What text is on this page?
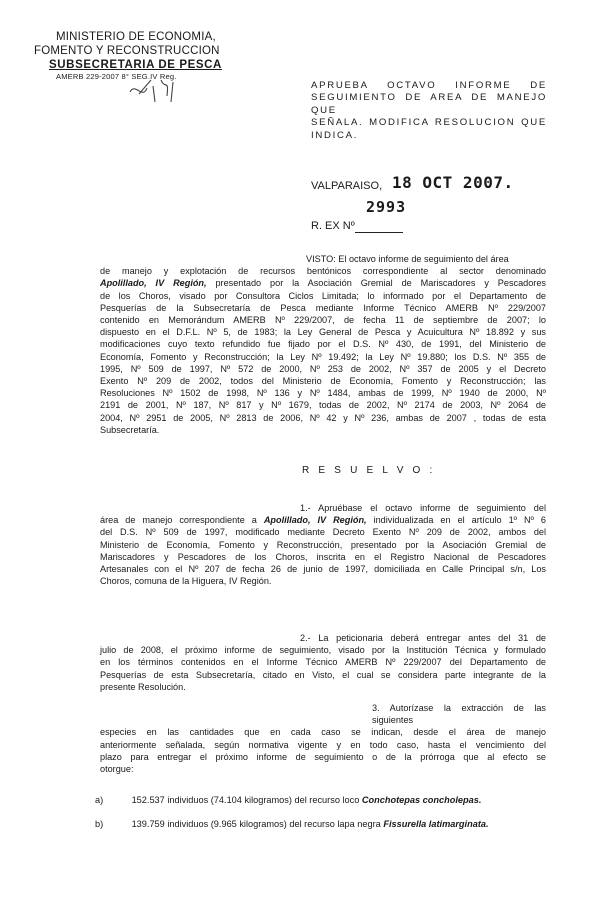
MINISTERIO DE ECONOMIA,
FOMENTO Y RECONSTRUCCION
SUBSECRETARIA DE PESCA
AMERB 229-2007 8° SEG.IV Reg.
APRUEBA OCTAVO INFORME DE
SEGUIMIENTO DE AREA DE MANEJO QUE
SEÑALA. MODIFICA RESOLUCION QUE
INDICA.
VALPARAISO, 18 OCT 2007.
2993
R. EX Nº
VISTO: El octavo informe de seguimiento del área
de manejo y explotación de recursos bentónicos correspondiente al sector denominado
Apolillado, IV Región, presentado por la Asociación Gremial de Mariscadores y Pescadores
de los Choros, visado por Consultora Ciclos Limitada; lo informado por el Departamento de
Pesquerías de la Subsecretaría de Pesca mediante Informe Técnico AMERB Nº 229/2007
contenido en Memorándum AMERB Nº 229/2007, de fecha 11 de septiembre de 2007; lo
dispuesto en el D.F.L. Nº 5, de 1983; la Ley General de Pesca y Acuicultura Nº 18.892 y sus
modificaciones cuyo texto refundido fue fijado por el D.S. Nº 430, de 1991, del Ministerio de
Economía, Fomento y Reconstrucción; la Ley Nº 19.492; la Ley Nº 19.880; los D.S. Nº 355 de
1995, Nº 509 de 1997, Nº 572 de 2000, Nº 253 de 2002, Nº 357 de 2005 y el Decreto
Exento Nº 209 de 2002, todos del Ministerio de Economía, Fomento y Reconstrucción; las
Resoluciones Nº 1502 de 1998, Nº 136 y Nº 1484, ambas de 1999, Nº 1940 de 2000, Nº
2191 de 2001, Nº 187, Nº 817 y Nº 1679, todas de 2002, Nº 2174 de 2003, Nº 2064 de
2004, Nº 2951 de 2005, Nº 2813 de 2006, Nº 42 y Nº 236, ambas de 2007 , todas de esta
Subsecretaría.
R E S U E L V O :
1.- Apruébase el octavo informe de seguimiento del
área de manejo correspondiente a Apolillado, IV Región, individualizada en el artículo 1º Nº 6
del D.S. Nº 509 de 1997, modificado mediante Decreto Exento Nº 209 de 2002, ambos del
Ministerio de Economía, Fomento y Reconstrucción, presentado por la Asociación Gremial de
Mariscadores y Pescadores de los Choros, inscrita en el Registro Nacional de Pescadores
Artesanales con el Nº 207 de fecha 26 de junio de 1997, domiciliada en Calle Principal s/n, Los
Choros, comuna de la Higuera, IV Región.
2.- La peticionaria deberá entregar antes del 31 de
julio de 2008, el próximo informe de seguimiento, visado por la Institución Técnica y formulado
en los términos contenidos en el Informe Técnico AMERB Nº 229/2007 del Departamento de
Pesquerías de esta Subsecretaría, citado en Visto, el cual se considera parte integrante de la
presente Resolución.
3. Autorízase la extracción de las siguientes
especies en las cantidades que en cada caso se indican, desde el área de manejo
anteriormente señalada, según normativa vigente y en todo caso, hasta el vencimiento del
plazo para entregar el próximo informe de seguimiento o de la prórroga que al efecto se
otorgue:
a)	152.537 individuos (74.104 kilogramos) del recurso loco Conchotepas concholepas.
b)	139.759 individuos (9.965 kilogramos) del recurso lapa negra Fissurella latimarginata.
